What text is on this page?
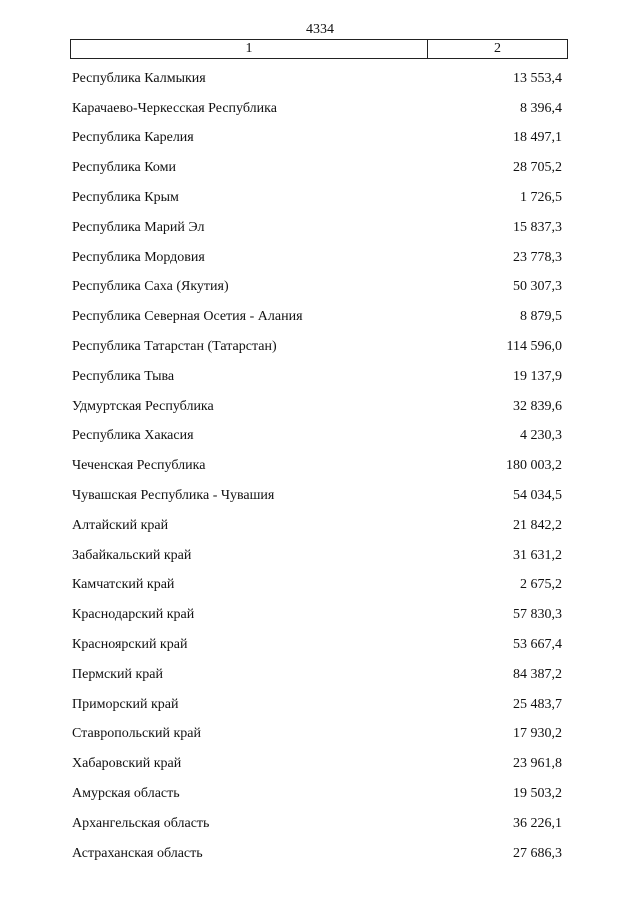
4334
1	2
Республика Калмыкия	13 553,4
Карачаево-Черкесская Республика	8 396,4
Республика Карелия	18 497,1
Республика Коми	28 705,2
Республика Крым	1 726,5
Республика Марий Эл	15 837,3
Республика Мордовия	23 778,3
Республика Саха (Якутия)	50 307,3
Республика Северная Осетия - Алания	8 879,5
Республика Татарстан (Татарстан)	114 596,0
Республика Тыва	19 137,9
Удмуртская Республика	32 839,6
Республика Хакасия	4 230,3
Чеченская Республика	180 003,2
Чувашская Республика - Чувашия	54 034,5
Алтайский край	21 842,2
Забайкальский край	31 631,2
Камчатский край	2 675,2
Краснодарский край	57 830,3
Красноярский край	53 667,4
Пермский край	84 387,2
Приморский край	25 483,7
Ставропольский край	17 930,2
Хабаровский край	23 961,8
Амурская область	19 503,2
Архангельская область	36 226,1
Астраханская область	27 686,3
